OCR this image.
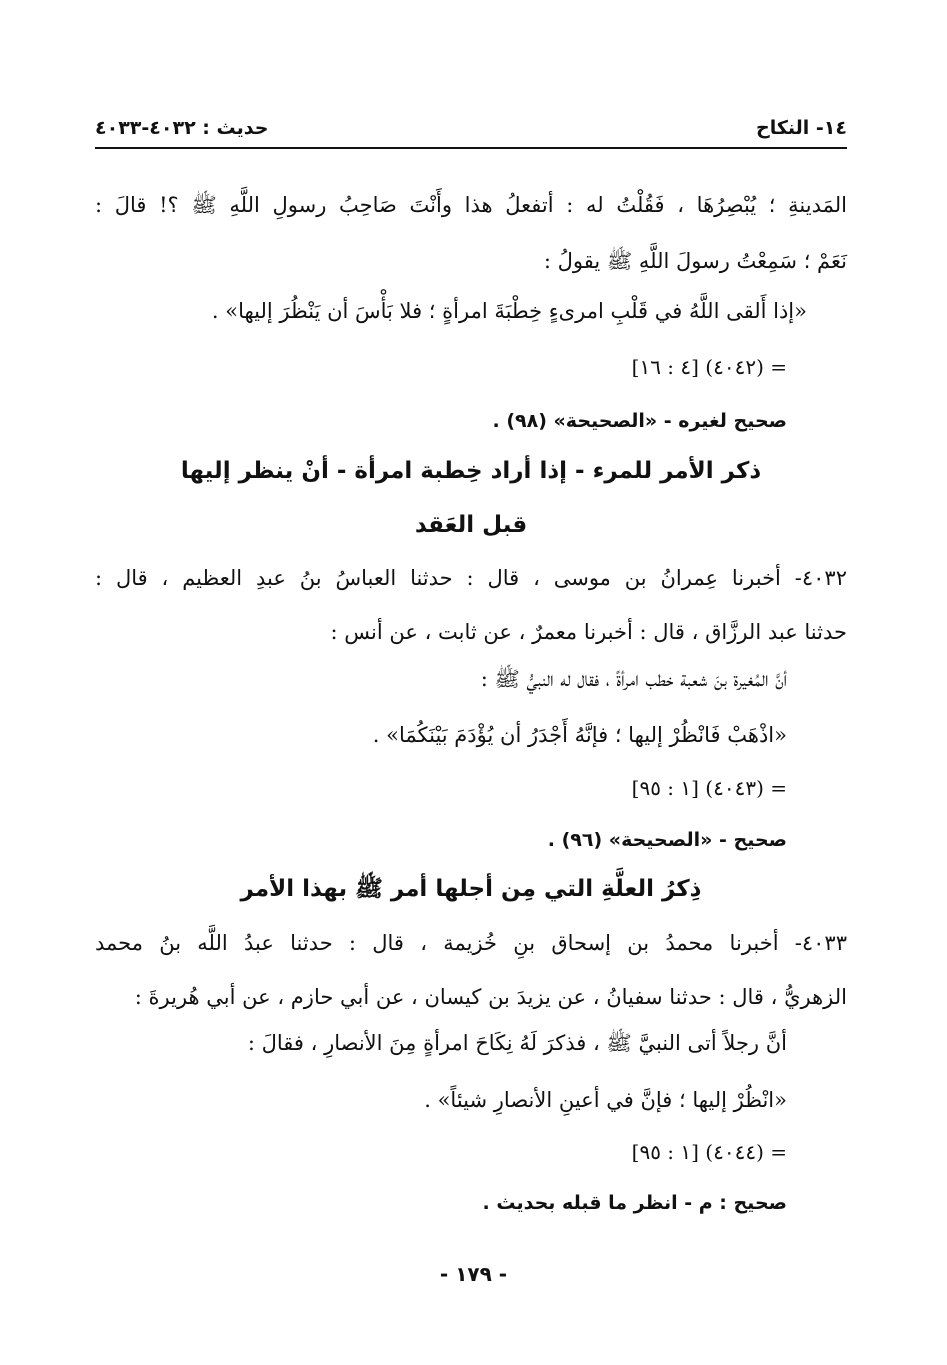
١٤- النكاح
حديث : ٤٠٣٢-٤٠٣٣
المَدينةِ ؛ يُبْصِرُهَا ، فَقُلْتُ له : أتفعلُ هذا وأَنْتَ صَاحِبُ رسولِ اللَّهِ ﷺ ؟! قالَ :
نَعَمْ ؛ سَمِعْتُ رسولَ اللَّهِ ﷺ يقولُ :
«إذا أَلقى اللَّهُ في قَلْبِ امرىءٍ خِطْبَةَ امرأةٍ ؛ فلا بَأْسَ أن يَنْظُرَ إليها» .
= (٤٠٤٢) [٤ : ١٦]
صحيح لغيره - «الصحيحة» (٩٨) .
ذكر الأمر للمرء - إذا أراد خِطبة امرأة - أنْ ينظر إليها
قبل العَقد
٤٠٣٢- أخبرنا عِمرانُ بن موسى ، قال : حدثنا العباسُ بنُ عبدِ العظيم ، قال :
حدثنا عبد الرزَّاق ، قال : أخبرنا معمرٌ ، عن ثابت ، عن أنس :
أنَّ المُغيرة بنَ شعبة خطب امرأةً ، فقال له النبيُّ ﷺ :
«اذْهَبْ فَانْظُرْ إليها ؛ فإنَّهُ أَجْدَرُ أن يُؤْدَمَ بَيْنَكُمَا» .
= (٤٠٤٣) [١ : ٩٥]
صحيح - «الصحيحة» (٩٦) .
ذِكرُ العلَّةِ التي مِن أجلها أمر ﷺ بهذا الأمر
٤٠٣٣- أخبرنا محمدُ بن إسحاق بنِ خُزيمة ، قال : حدثنا عبدُ اللَّه بنُ محمد
الزهريُّ ، قال : حدثنا سفيانُ ، عن يزيدَ بن كيسان ، عن أبي حازم ، عن أبي هُريرةَ :
أنَّ رجلاً أتى النبيَّ ﷺ ، فذكرَ لَهُ نِكَاحَ امرأةٍ مِنَ الأنصارِ ، فقالَ :
«انْظُرْ إليها ؛ فإنَّ في أعينِ الأنصارِ شيئاً» .
= (٤٠٤٤) [١ : ٩٥]
صحيح : م - انظر ما قبله بحديث .
- ١٧٩ -
